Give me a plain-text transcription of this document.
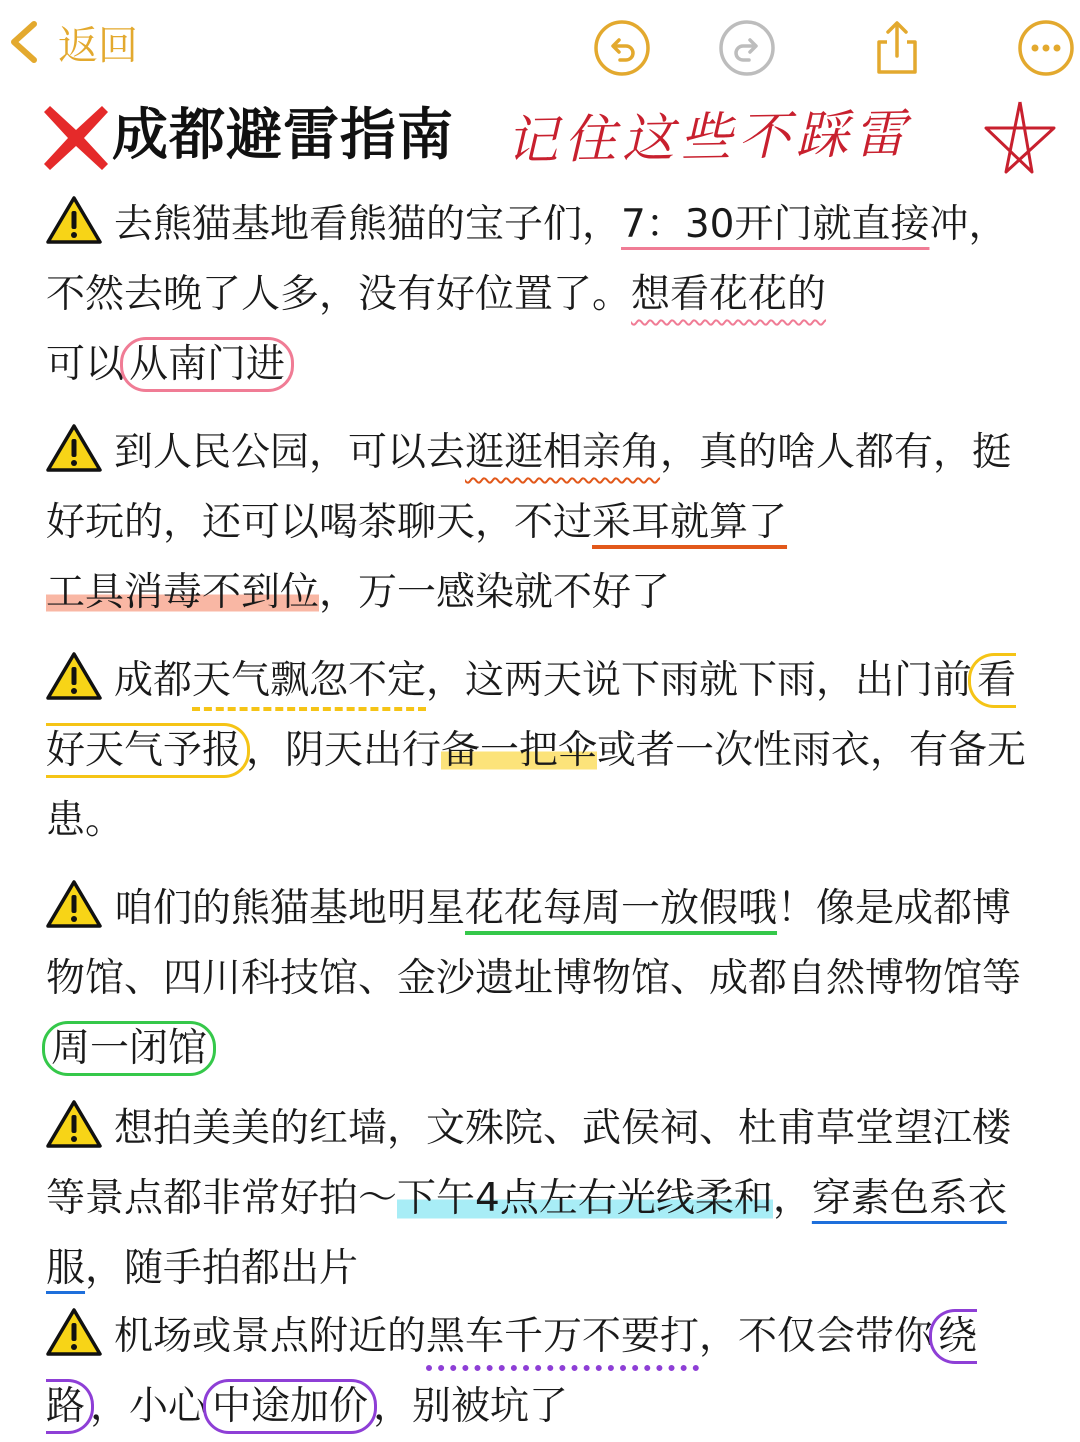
返回
成都避雷指南 记住这些不踩雷

去熊猫基地看熊猫的宝子们，7：30开门就直接冲，不然去晚了人多，没有好位置了。想看花花的
可以 从南门进

到人民公园，可以去逛逛相亲角，真的啥人都有，挺好玩的，还可以喝茶聊天，不过采耳就算了
工具消毒不到位，万一感染就不好了

成都天气飘忽不定，这两天说下雨就下雨，出门前 看好天气予报 ，阴天出行备一把伞或者一次性雨衣，有备无患。

咱们的熊猫基地明星花花每周一放假哦！像是成都博物馆、四川科技馆、金沙遗址博物馆、成都自然博物馆等周一闭馆

想拍美美的红墙，文殊院、武侯祠、杜甫草堂望江楼等景点都非常好拍～下午4点左右光线柔和，穿素色系衣服，随手拍都出片

机场或景点附近的黑车千万不要打，不仅会带你 绕路 ，小心 中途加价 ，别被坑了
